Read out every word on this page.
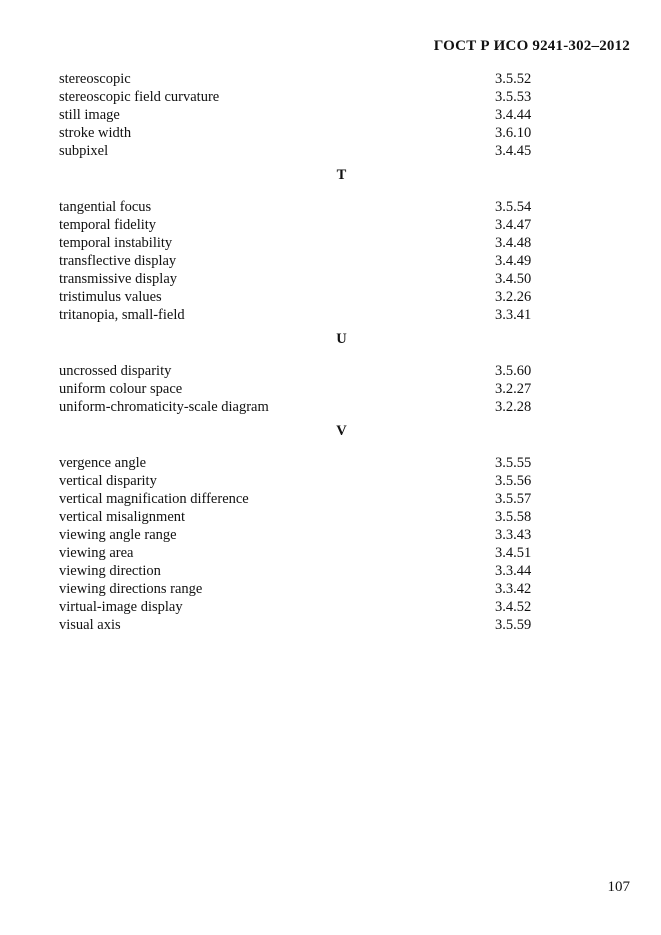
ГОСТ Р ИСО 9241-302–2012
stereoscopic	3.5.52
stereoscopic field curvature	3.5.53
still image	3.4.44
stroke width	3.6.10
subpixel	3.4.45
T
tangential focus	3.5.54
temporal fidelity	3.4.47
temporal instability	3.4.48
transflective display	3.4.49
transmissive display	3.4.50
tristimulus values	3.2.26
tritanopia, small-field	3.3.41
U
uncrossed disparity	3.5.60
uniform colour space	3.2.27
uniform-chromaticity-scale diagram	3.2.28
V
vergence angle	3.5.55
vertical disparity	3.5.56
vertical magnification difference	3.5.57
vertical misalignment	3.5.58
viewing angle range	3.3.43
viewing area	3.4.51
viewing direction	3.3.44
viewing directions range	3.3.42
virtual-image display	3.4.52
visual axis	3.5.59
107
